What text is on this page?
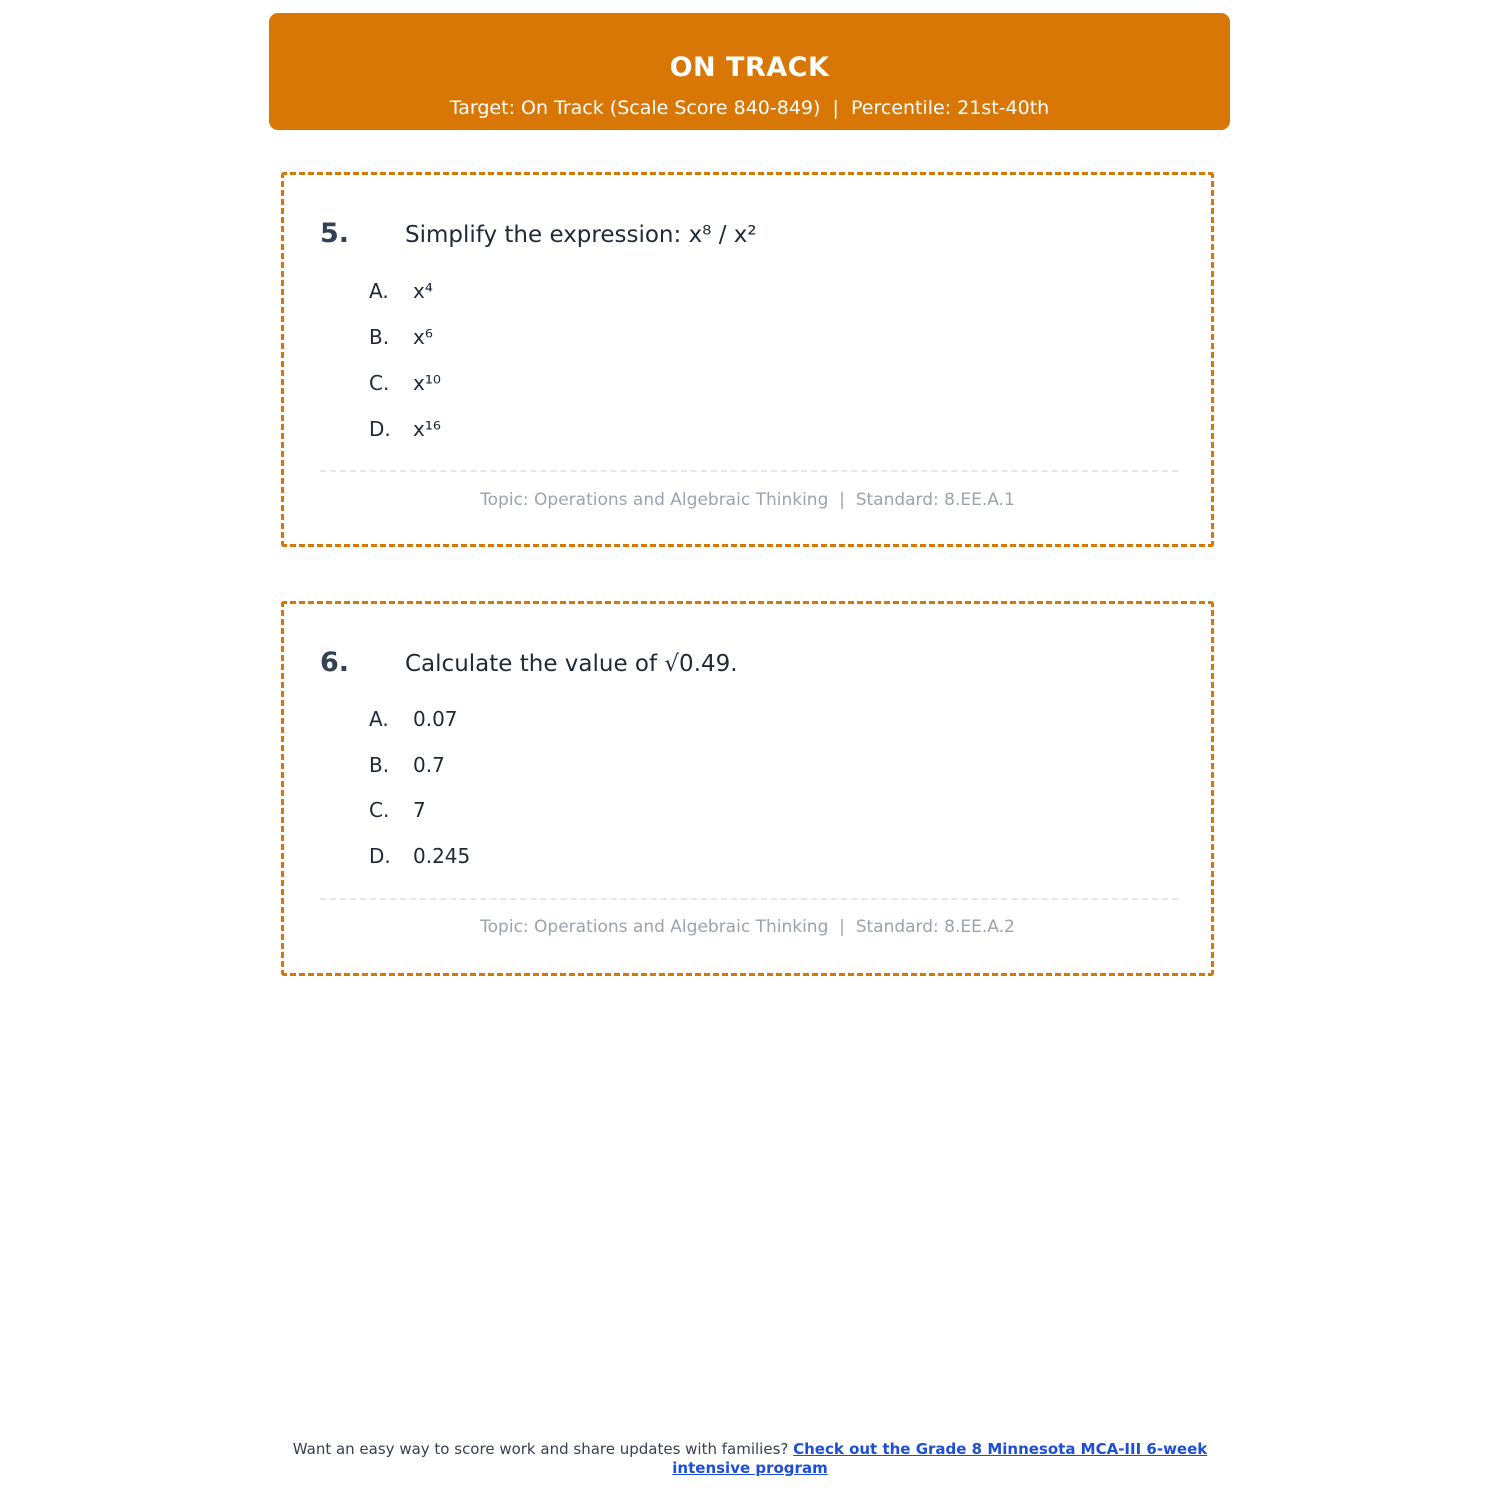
ON TRACK
Target: On Track (Scale Score 840-849)  |  Percentile: 21st-40th
5. Simplify the expression: x⁸ / x²
A.	x⁴
B.	x⁶
C.	x¹⁰
D.	x¹⁶
Topic: Operations and Algebraic Thinking  |  Standard: 8.EE.A.1
6. Calculate the value of √0.49.
A.	0.07
B.	0.7
C.	7
D.	0.245
Topic: Operations and Algebraic Thinking  |  Standard: 8.EE.A.2
Want an easy way to score work and share updates with families? Check out the Grade 8 Minnesota MCA-III 6-week intensive program
